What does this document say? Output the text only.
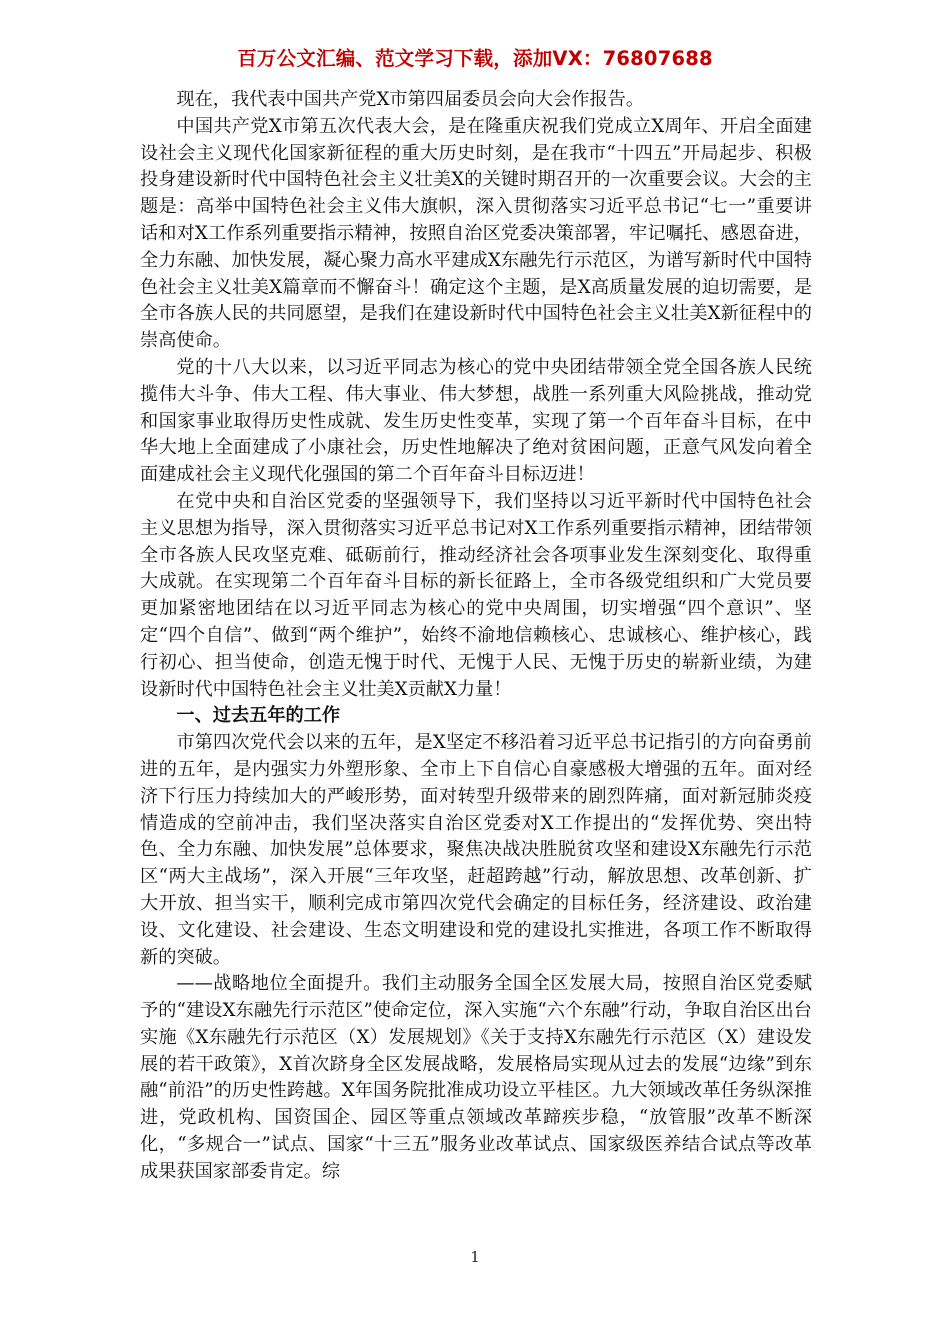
百万公文汇编、范文学习下载，添加VX：76807688

现在，我代表中国共产党X市第四届委员会向大会作报告。

中国共产党X市第五次代表大会，是在隆重庆祝我们党成立X周年、开启全面建设社会主义现代化国家新征程的重大历史时刻，是在我市“十四五”开局起步、积极投身建设新时代中国特色社会主义壮美X的关键时期召开的一次重要会议。大会的主题是：高举中国特色社会主义伟大旗帜，深入贯彻落实习近平总书记“七一”重要讲话和对X工作系列重要指示精神，按照自治区党委决策部署，牢记嘱托、感恩奋进，全力东融、加快发展，凝心聚力高水平建成X东融先行示范区，为谱写新时代中国特色社会主义壮美X篇章而不懈奋斗！确定这个主题，是X高质量发展的迫切需要，是全市各族人民的共同愿望，是我们在建设新时代中国特色社会主义壮美X新征程中的崇高使命。

党的十八大以来，以习近平同志为核心的党中央团结带领全党全国各族人民统揽伟大斗争、伟大工程、伟大事业、伟大梦想，战胜一系列重大风险挑战，推动党和国家事业取得历史性成就、发生历史性变革，实现了第一个百年奋斗目标，在中华大地上全面建成了小康社会，历史性地解决了绝对贫困问题，正意气风发向着全面建成社会主义现代化强国的第二个百年奋斗目标迈进！

在党中央和自治区党委的坚强领导下，我们坚持以习近平新时代中国特色社会主义思想为指导，深入贯彻落实习近平总书记对X工作系列重要指示精神，团结带领全市各族人民攻坚克难、砥砺前行，推动经济社会各项事业发生深刻变化、取得重大成就。在实现第二个百年奋斗目标的新长征路上，全市各级党组织和广大党员要更加紧密地团结在以习近平同志为核心的党中央周围，切实增强“四个意识”、坚定“四个自信”、做到“两个维护”，始终不渝地信赖核心、忠诚核心、维护核心，践行初心、担当使命，创造无愧于时代、无愧于人民、无愧于历史的崭新业绩，为建设新时代中国特色社会主义壮美X贡献X力量！

一、过去五年的工作

市第四次党代会以来的五年，是X坚定不移沿着习近平总书记指引的方向奋勇前进的五年，是内强实力外塑形象、全市上下自信心自豪感极大增强的五年。面对经济下行压力持续加大的严峻形势，面对转型升级带来的剧烈阵痛，面对新冠肺炎疫情造成的空前冲击，我们坚决落实自治区党委对X工作提出的“发挥优势、突出特色、全力东融、加快发展”总体要求，聚焦决战决胜脱贫攻坚和建设X东融先行示范区“两大主战场”，深入开展“三年攻坚，赶超跨越”行动，解放思想、改革创新、扩大开放、担当实干，顺利完成市第四次党代会确定的目标任务，经济建设、政治建设、文化建设、社会建设、生态文明建设和党的建设扎实推进，各项工作不断取得新的突破。

——战略地位全面提升。我们主动服务全国全区发展大局，按照自治区党委赋予的“建设X东融先行示范区”使命定位，深入实施“六个东融”行动，争取自治区出台实施《X东融先行示范区（X）发展规划》《关于支持X东融先行示范区（X）建设发展的若干政策》，X首次跻身全区发展战略，发展格局实现从过去的发展“边缘”到东融“前沿”的历史性跨越。X年国务院批准成功设立平桂区。九大领域改革任务纵深推进，党政机构、国资国企、园区等重点领域改革蹄疾步稳，“放管服”改革不断深化，“多规合一”试点、国家“十三五”服务业改革试点、国家级医养结合试点等改革成果获国家部委肯定。综

1
